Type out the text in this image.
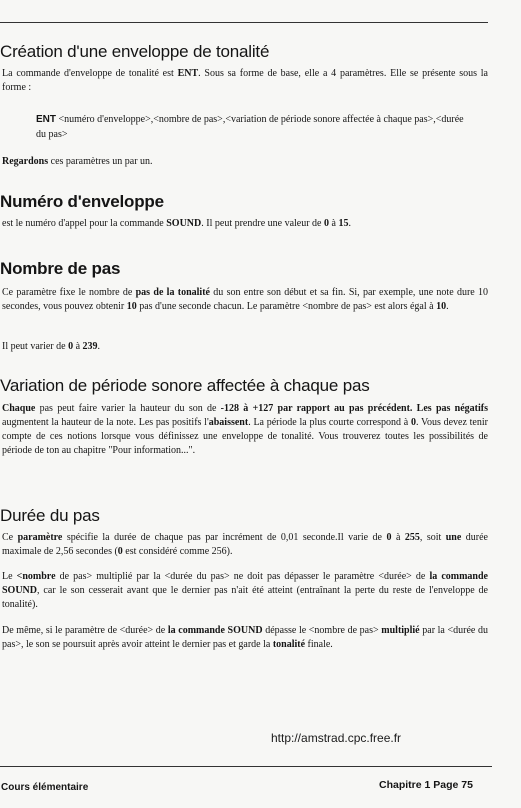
Création d'une enveloppe de tonalité

La commande d'enveloppe de tonalité est ENT. Sous sa forme de base, elle a 4 paramètres. Elle se présente sous la forme :

ENT <numéro d'enveloppe>,<nombre de pas>,<variation de période sonore affectée à chaque pas>,<durée du pas>

Regardons ces paramètres un par un.

Numéro d'enveloppe

est le numéro d'appel pour la commande SOUND. Il peut prendre une valeur de 0 à 15.

Nombre de pas

Ce paramètre fixe le nombre de pas de la tonalité du son entre son début et sa fin. Si, par exemple, une note dure 10 secondes, vous pouvez obtenir 10 pas d'une seconde chacun. Le paramètre <nombre de pas> est alors égal à 10.

Il peut varier de 0 à 239.

Variation de période sonore affectée à chaque pas

Chaque pas peut faire varier la hauteur du son de -128 à +127 par rapport au pas précédent. Les pas négatifs augmentent la hauteur de la note. Les pas positifs l'abaissent. La période la plus courte correspond à 0. Vous devez tenir compte de ces notions lorsque vous définissez une enveloppe de tonalité. Vous trouverez toutes les possibilités de période de ton au chapitre "Pour information...".

Durée du pas

Ce paramètre spécifie la durée de chaque pas par incrément de 0,01 seconde.Il varie de 0 à 255, soit une durée maximale de 2,56 secondes (0 est considéré comme 256).

Le <nombre de pas> multiplié par la <durée du pas> ne doit pas dépasser le paramètre <durée> de la commande SOUND, car le son cesserait avant que le dernier pas n'ait été atteint (entraînant la perte du reste de l'enveloppe de tonalité).

De même, si le paramètre de <durée> de la commande SOUND dépasse le <nombre de pas> multiplié par la <durée du pas>, le son se poursuit après avoir atteint le dernier pas et garde la tonalité finale.

http://amstrad.cpc.free.fr
Cours élémentaire	Chapitre 1 Page 75
